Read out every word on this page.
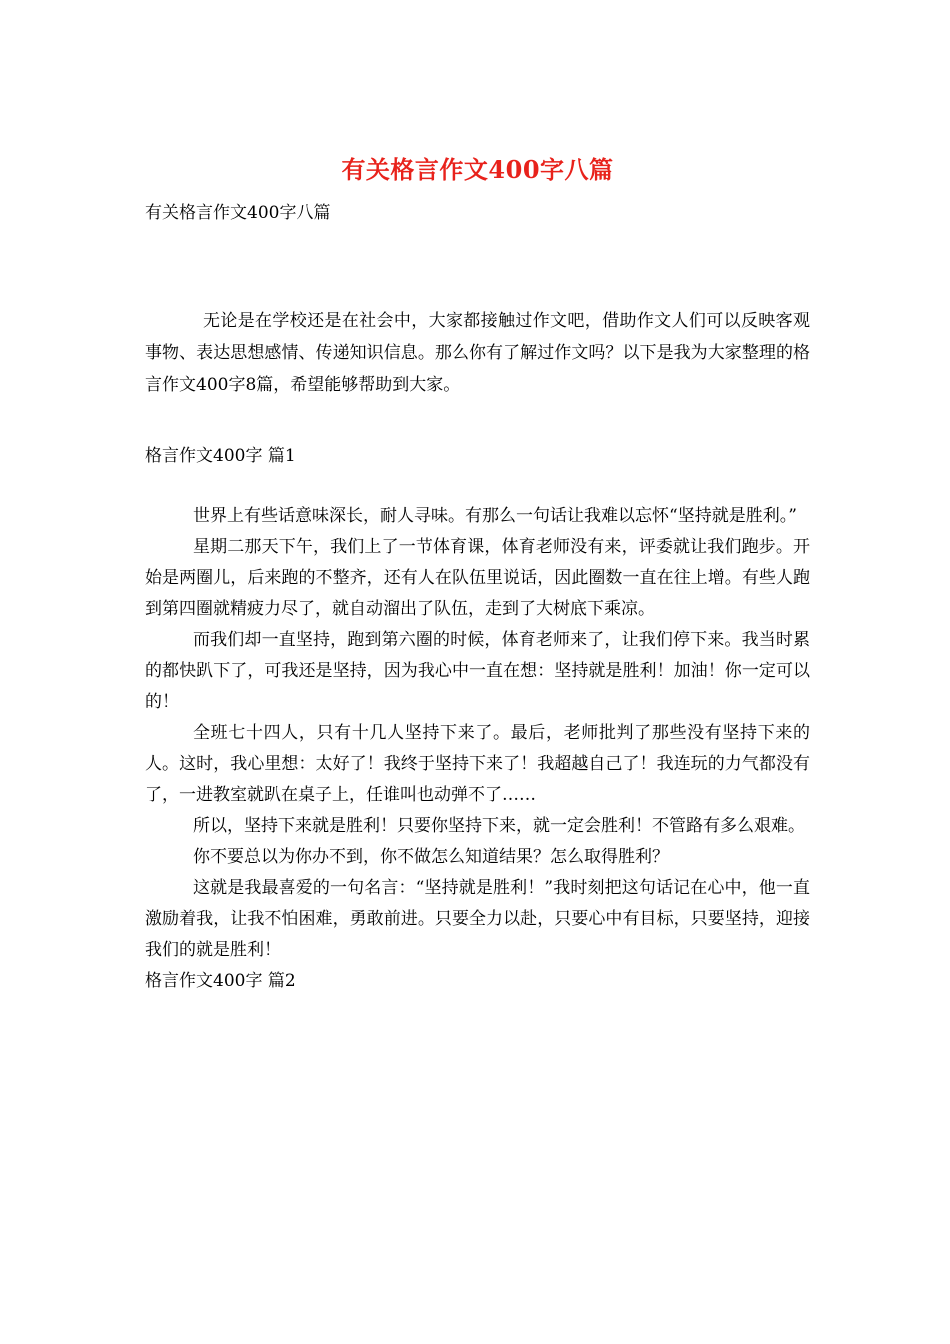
有关格言作文400字八篇

有关格言作文400字八篇

无论是在学校还是在社会中，大家都接触过作文吧，借助作文人们可以反映客观事物、表达思想感情、传递知识信息。那么你有了解过作文吗？以下是我为大家整理的格言作文400字8篇，希望能够帮助到大家。

格言作文400字 篇1

世界上有些话意味深长，耐人寻味。有那么一句话让我难以忘怀“坚持就是胜利。”

星期二那天下午，我们上了一节体育课，体育老师没有来，评委就让我们跑步。开始是两圈儿，后来跑的不整齐，还有人在队伍里说话，因此圈数一直在往上增。有些人跑到第四圈就精疲力尽了，就自动溜出了队伍，走到了大树底下乘凉。

而我们却一直坚持，跑到第六圈的时候，体育老师来了，让我们停下来。我当时累的都快趴下了，可我还是坚持，因为我心中一直在想：坚持就是胜利！加油！你一定可以的！

全班七十四人，只有十几人坚持下来了。最后，老师批判了那些没有坚持下来的人。这时，我心里想：太好了！我终于坚持下来了！我超越自己了！我连玩的力气都没有了，一进教室就趴在桌子上，任谁叫也动弹不了……

所以，坚持下来就是胜利！只要你坚持下来，就一定会胜利！不管路有多么艰难。

你不要总以为你办不到，你不做怎么知道结果？怎么取得胜利？

这就是我最喜爱的一句名言：“坚持就是胜利！”我时刻把这句话记在心中，他一直激励着我，让我不怕困难，勇敢前进。只要全力以赴，只要心中有目标，只要坚持，迎接我们的就是胜利！

格言作文400字 篇2
